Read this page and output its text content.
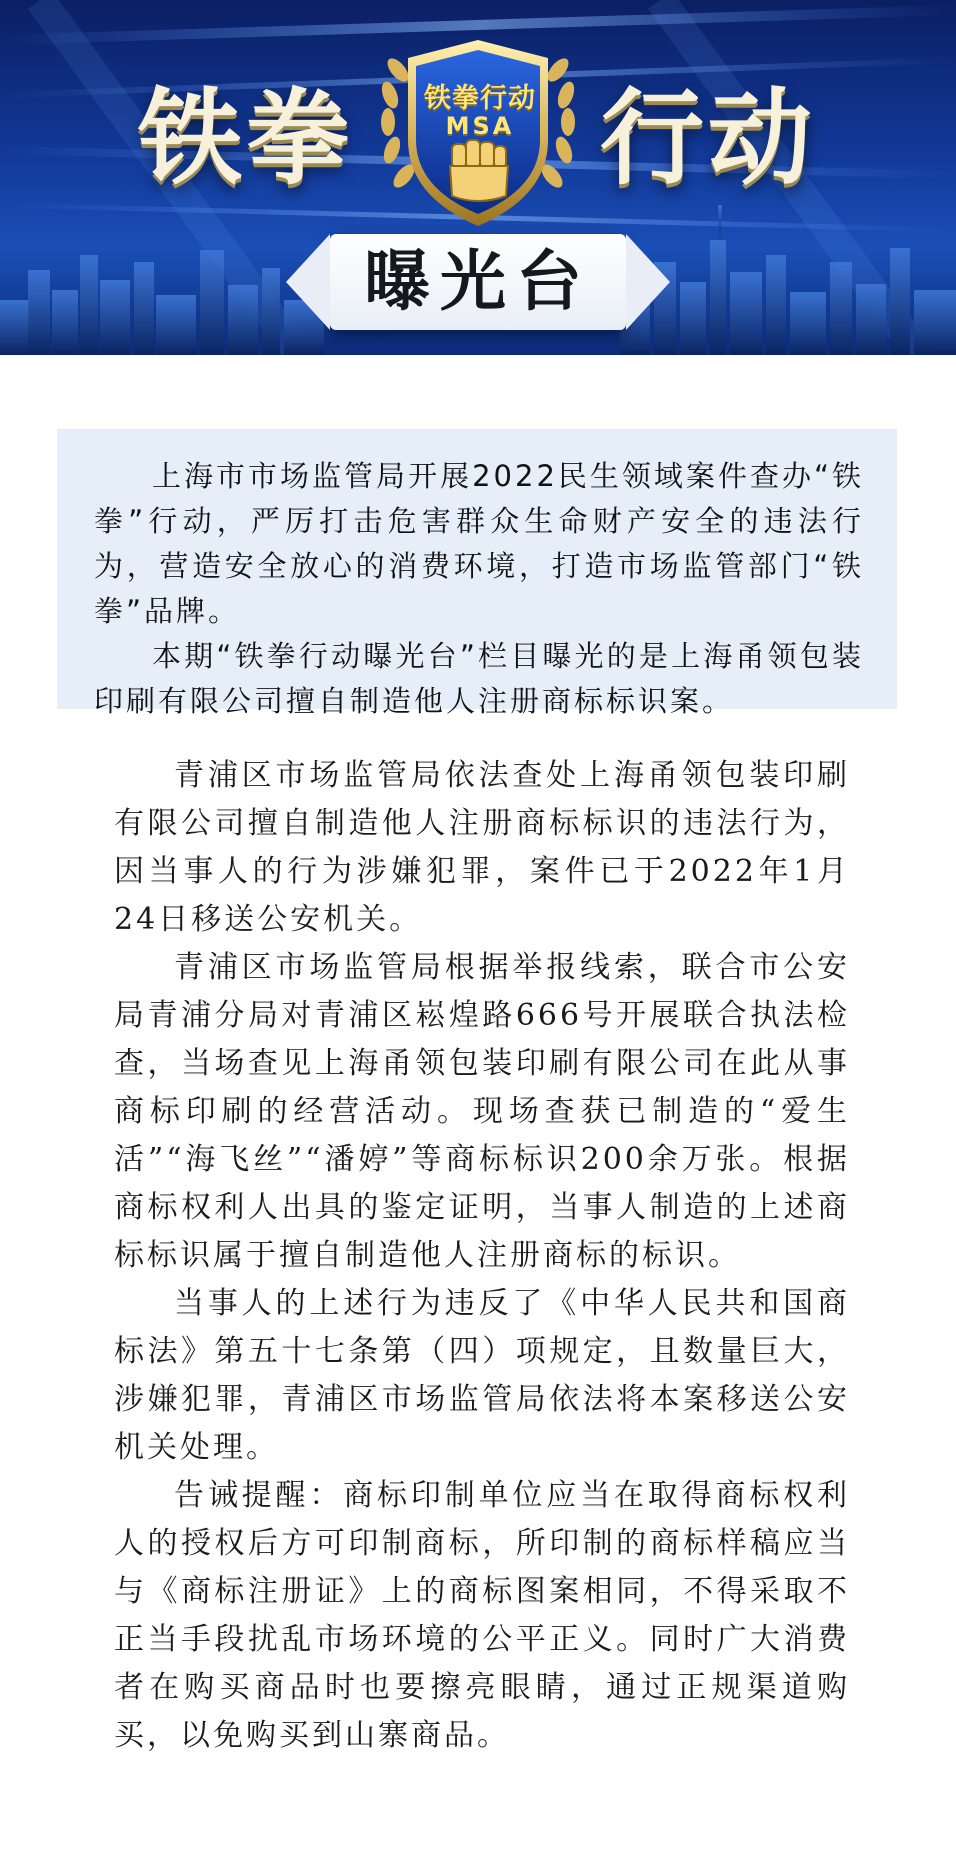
铁拳 行动
铁拳行动
MSA
曝光台

上海市市场监管局开展2022民生领域案件查办“铁拳”行动，严厉打击危害群众生命财产安全的违法行为，营造安全放心的消费环境，打造市场监管部门“铁拳”品牌。

本期“铁拳行动曝光台”栏目曝光的是上海甬领包装印刷有限公司擅自制造他人注册商标标识案。

青浦区市场监管局依法查处上海甬领包装印刷有限公司擅自制造他人注册商标标识的违法行为，因当事人的行为涉嫌犯罪，案件已于2022年1月24日移送公安机关。

青浦区市场监管局根据举报线索，联合市公安局青浦分局对青浦区崧煌路666号开展联合执法检查，当场查见上海甬领包装印刷有限公司在此从事商标印刷的经营活动。现场查获已制造的“爱生活”“海飞丝”“潘婷”等商标标识200余万张。根据商标权利人出具的鉴定证明，当事人制造的上述商标标识属于擅自制造他人注册商标的标识。

当事人的上述行为违反了《中华人民共和国商标法》第五十七条第（四）项规定，且数量巨大，涉嫌犯罪，青浦区市场监管局依法将本案移送公安机关处理。

告诫提醒：商标印制单位应当在取得商标权利人的授权后方可印制商标，所印制的商标样稿应当与《商标注册证》上的商标图案相同，不得采取不正当手段扰乱市场环境的公平正义。同时广大消费者在购买商品时也要擦亮眼睛，通过正规渠道购买，以免购买到山寨商品。
